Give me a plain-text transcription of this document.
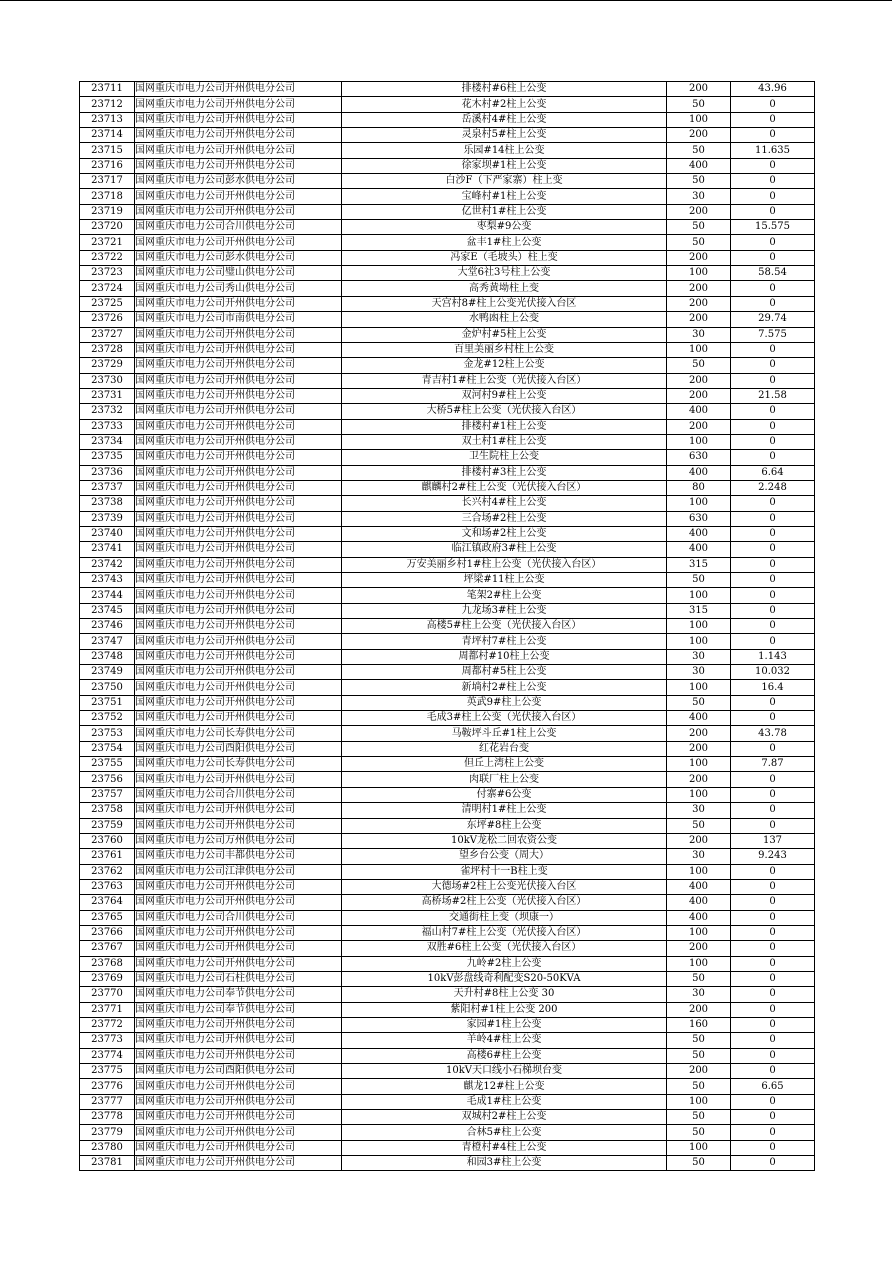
23711	国网重庆市电力公司开州供电分公司	排楼村#6柱上公变	200	43.96
23712	国网重庆市电力公司开州供电分公司	花木村#2柱上公变	50	0
23713	国网重庆市电力公司开州供电分公司	岳溪村4#柱上公变	100	0
23714	国网重庆市电力公司开州供电分公司	灵泉村5#柱上公变	200	0
23715	国网重庆市电力公司开州供电分公司	乐园#14柱上公变	50	11.635
23716	国网重庆市电力公司开州供电分公司	徐家坝#1柱上公变	400	0
23717	国网重庆市电力公司彭水供电分公司	白沙F（下严家寨）柱上变	50	0
23718	国网重庆市电力公司开州供电分公司	宝峰村#1柱上公变	30	0
23719	国网重庆市电力公司开州供电分公司	亿世村1#柱上公变	200	0
23720	国网重庆市电力公司合川供电分公司	枣梨#9公变	50	15.575
23721	国网重庆市电力公司开州供电分公司	盆丰1#柱上公变	50	0
23722	国网重庆市电力公司彭水供电分公司	冯家E（毛坡头）柱上变	200	0
23723	国网重庆市电力公司璧山供电分公司	大堂6社3号柱上公变	100	58.54
23724	国网重庆市电力公司秀山供电分公司	高秀黄坳柱上变	200	0
23725	国网重庆市电力公司开州供电分公司	天宫村8#柱上公变光伏接入台区	200	0
23726	国网重庆市电力公司市南供电分公司	水鸭凼柱上公变	200	29.74
23727	国网重庆市电力公司开州供电分公司	金炉村#5柱上公变	30	7.575
23728	国网重庆市电力公司开州供电分公司	百里美丽乡村柱上公变	100	0
23729	国网重庆市电力公司开州供电分公司	金龙#12柱上公变	50	0
23730	国网重庆市电力公司开州供电分公司	青吉村1#柱上公变（光伏接入台区）	200	0
23731	国网重庆市电力公司开州供电分公司	双河村9#柱上公变	200	21.58
23732	国网重庆市电力公司开州供电分公司	大桥5#柱上公变（光伏接入台区）	400	0
23733	国网重庆市电力公司开州供电分公司	排楼村#1柱上公变	200	0
23734	国网重庆市电力公司开州供电分公司	双土村1#柱上公变	100	0
23735	国网重庆市电力公司开州供电分公司	卫生院柱上公变	630	0
23736	国网重庆市电力公司开州供电分公司	排楼村#3柱上公变	400	6.64
23737	国网重庆市电力公司开州供电分公司	麒麟村2#柱上公变（光伏接入台区）	80	2.248
23738	国网重庆市电力公司开州供电分公司	长兴村4#柱上公变	100	0
23739	国网重庆市电力公司开州供电分公司	三合场#2柱上公变	630	0
23740	国网重庆市电力公司开州供电分公司	文和场#2柱上公变	400	0
23741	国网重庆市电力公司开州供电分公司	临江镇政府3#柱上公变	400	0
23742	国网重庆市电力公司开州供电分公司	万安美丽乡村1#柱上公变（光伏接入台区）	315	0
23743	国网重庆市电力公司开州供电分公司	坪梁#11柱上公变	50	0
23744	国网重庆市电力公司开州供电分公司	笔架2#柱上公变	100	0
23745	国网重庆市电力公司开州供电分公司	九龙场3#柱上公变	315	0
23746	国网重庆市电力公司开州供电分公司	高楼5#柱上公变（光伏接入台区）	100	0
23747	国网重庆市电力公司开州供电分公司	青坪村7#柱上公变	100	0
23748	国网重庆市电力公司开州供电分公司	周都村#10柱上公变	30	1.143
23749	国网重庆市电力公司开州供电分公司	周都村#5柱上公变	30	10.032
23750	国网重庆市电力公司开州供电分公司	新埫村2#柱上公变	100	16.4
23751	国网重庆市电力公司开州供电分公司	英武9#柱上公变	50	0
23752	国网重庆市电力公司开州供电分公司	毛成3#柱上公变（光伏接入台区）	400	0
23753	国网重庆市电力公司长寿供电分公司	马鞍坪斗丘#1柱上公变	200	43.78
23754	国网重庆市电力公司酉阳供电分公司	红花岩台变	200	0
23755	国网重庆市电力公司长寿供电分公司	但丘上湾柱上公变	100	7.87
23756	国网重庆市电力公司开州供电分公司	肉联厂柱上公变	200	0
23757	国网重庆市电力公司合川供电分公司	付寨#6公变	100	0
23758	国网重庆市电力公司开州供电分公司	清明村1#柱上公变	30	0
23759	国网重庆市电力公司开州供电分公司	东坪#8柱上公变	50	0
23760	国网重庆市电力公司万州供电分公司	10kV龙松二回农资公变	200	137
23761	国网重庆市电力公司丰都供电分公司	望乡台公变（周大）	30	9.243
23762	国网重庆市电力公司江津供电分公司	雀坪村十一B柱上变	100	0
23763	国网重庆市电力公司开州供电分公司	大德场#2柱上公变光伏接入台区	400	0
23764	国网重庆市电力公司开州供电分公司	高桥场#2柱上公变（光伏接入台区）	400	0
23765	国网重庆市电力公司合川供电分公司	交通街柱上变（坝康一）	400	0
23766	国网重庆市电力公司开州供电分公司	福山村7#柱上公变（光伏接入台区）	100	0
23767	国网重庆市电力公司开州供电分公司	双胜#6柱上公变（光伏接入台区）	200	0
23768	国网重庆市电力公司开州供电分公司	九岭#2柱上公变	100	0
23769	国网重庆市电力公司石柱供电分公司	10kV彭盘线奇利配变S20-50KVA	50	0
23770	国网重庆市电力公司奉节供电分公司	天升村#8柱上公变 30	30	0
23771	国网重庆市电力公司奉节供电分公司	紫阳村#1柱上公变 200	200	0
23772	国网重庆市电力公司开州供电分公司	家园#1柱上公变	160	0
23773	国网重庆市电力公司开州供电分公司	羊岭4#柱上公变	50	0
23774	国网重庆市电力公司开州供电分公司	高楼6#柱上公变	50	0
23775	国网重庆市电力公司酉阳供电分公司	10kV天口线小石梯坝台变	200	0
23776	国网重庆市电力公司开州供电分公司	麒龙12#柱上公变	50	6.65
23777	国网重庆市电力公司开州供电分公司	毛成1#柱上公变	100	0
23778	国网重庆市电力公司开州供电分公司	双城村2#柱上公变	50	0
23779	国网重庆市电力公司开州供电分公司	合林5#柱上公变	50	0
23780	国网重庆市电力公司开州供电分公司	青橙村#4柱上公变	100	0
23781	国网重庆市电力公司开州供电分公司	和园3#柱上公变	50	0
